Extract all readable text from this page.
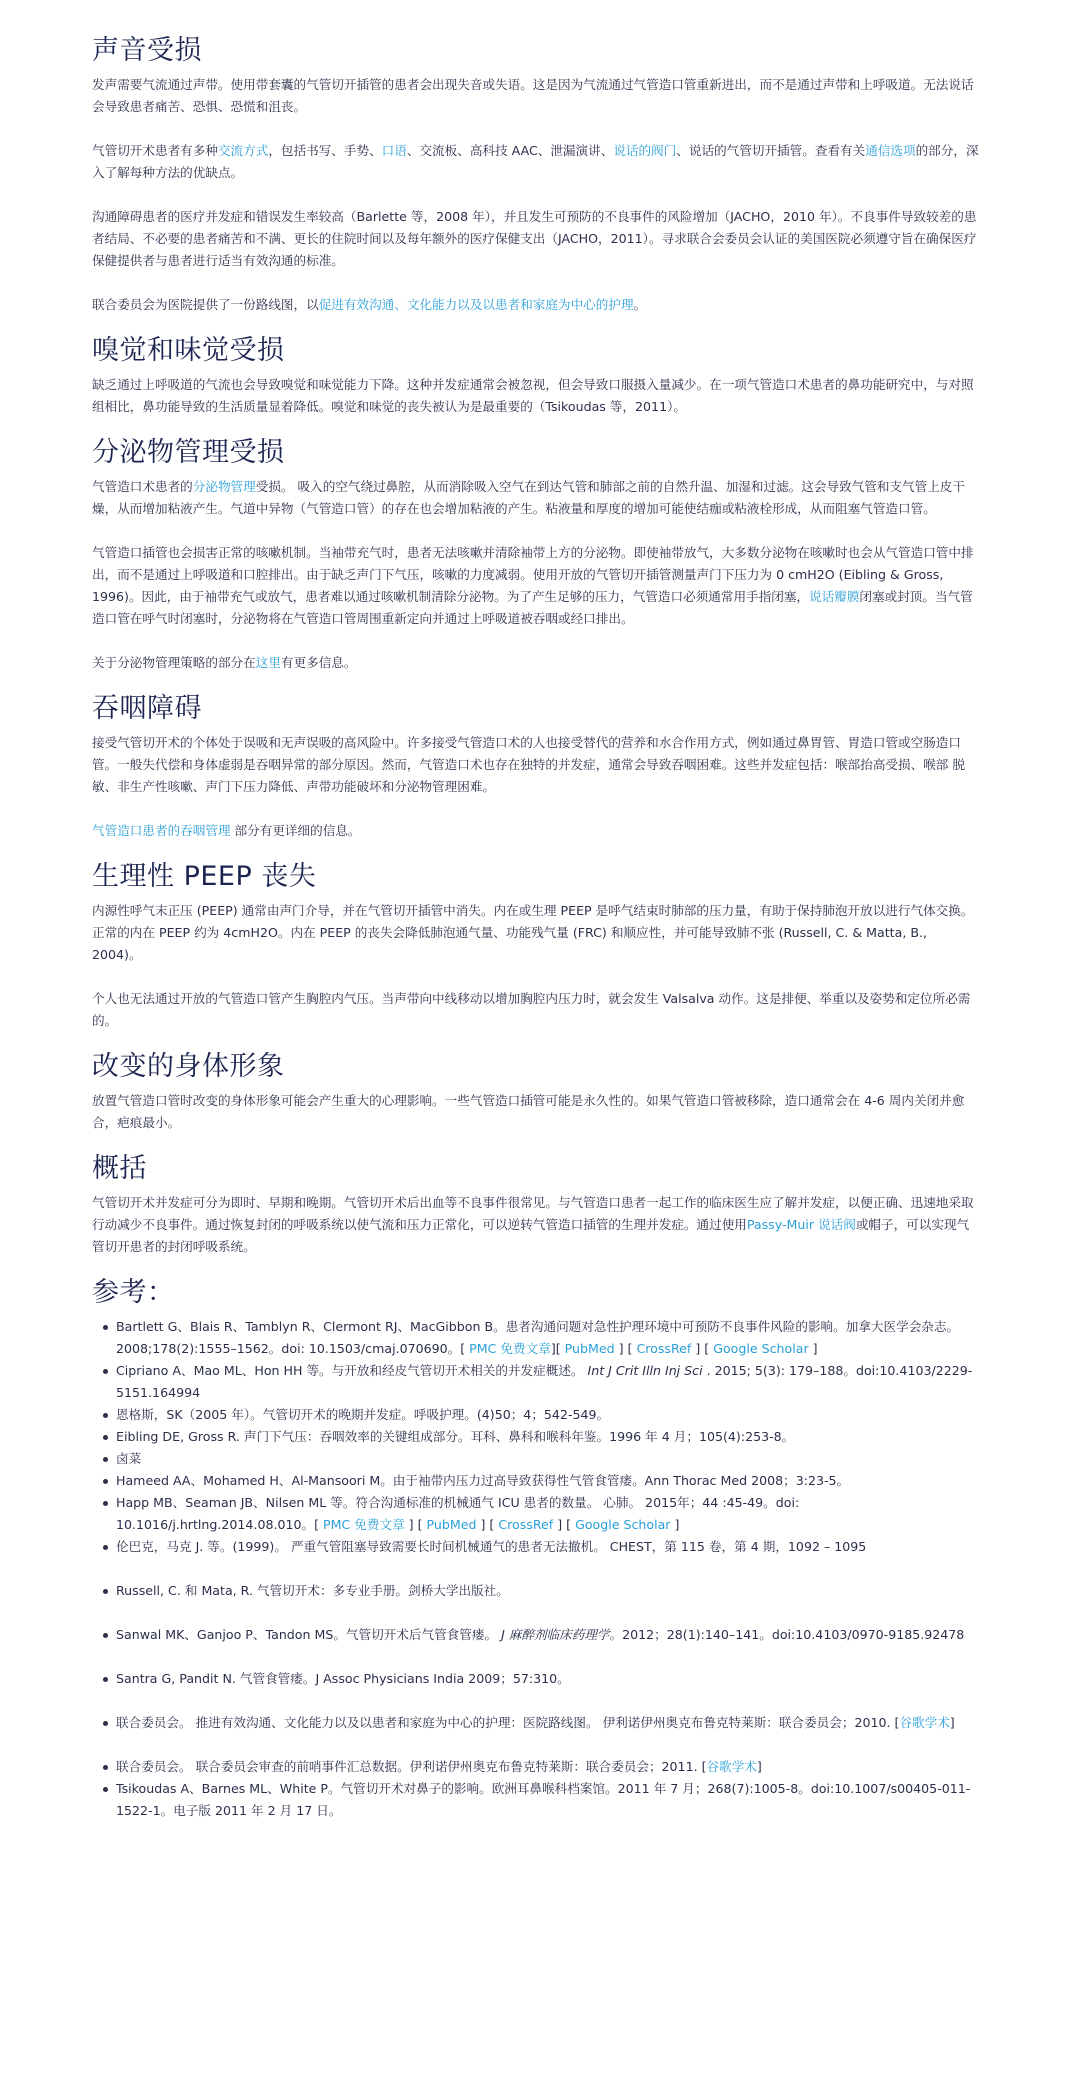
声音受损

发声需要气流通过声带。使用带套囊的气管切开插管的患者会出现失音或失语。这是因为气流通过气管造口管重新进出，而不是通过声带和上呼吸道。无法说话会导致患者痛苦、恐惧、恐慌和沮丧。

气管切开术患者有多种交流方式，包括书写、手势、口语、交流板、高科技 AAC、泄漏演讲、说话的阀门、说话的气管切开插管。查看有关通信选项的部分，深入了解每种方法的优缺点。

沟通障碍患者的医疗并发症和错误发生率较高（Barlette 等，2008 年），并且发生可预防的不良事件的风险增加（JACHO，2010 年）。不良事件导致较差的患者结局、不必要的患者痛苦和不满、更长的住院时间以及每年额外的医疗保健支出（JACHO，2011）。寻求联合会委员会认证的美国医院必须遵守旨在确保医疗保健提供者与患者进行适当有效沟通的标准。

联合委员会为医院提供了一份路线图，以促进有效沟通、文化能力以及以患者和家庭为中心的护理。

嗅觉和味觉受损

缺乏通过上呼吸道的气流也会导致嗅觉和味觉能力下降。这种并发症通常会被忽视，但会导致口服摄入量减少。在一项气管造口术患者的鼻功能研究中，与对照组相比，鼻功能导致的生活质量显着降低。嗅觉和味觉的丧失被认为是最重要的（Tsikoudas 等，2011）。

分泌物管理受损

气管造口术患者的分泌物管理受损。 吸入的空气绕过鼻腔，从而消除吸入空气在到达气管和肺部之前的自然升温、加湿和过滤。这会导致气管和支气管上皮干燥，从而增加粘液产生。气道中异物（气管造口管）的存在也会增加粘液的产生。粘液量和厚度的增加可能使结痂或粘液栓形成，从而阻塞气管造口管。

气管造口插管也会损害正常的咳嗽机制。当袖带充气时，患者无法咳嗽并清除袖带上方的分泌物。即使袖带放气，大多数分泌物在咳嗽时也会从气管造口管中排出，而不是通过上呼吸道和口腔排出。由于缺乏声门下气压，咳嗽的力度减弱。使用开放的气管切开插管测量声门下压力为 0 cmH2O (Eibling & Gross, 1996)。因此，由于袖带充气或放气，患者难以通过咳嗽机制清除分泌物。为了产生足够的压力，气管造口必须通常用手指闭塞，说话瓣膜闭塞或封顶。当气管造口管在呼气时闭塞时，分泌物将在气管造口管周围重新定向并通过上呼吸道被吞咽或经口排出。

关于分泌物管理策略的部分在这里有更多信息。

吞咽障碍

接受气管切开术的个体处于误吸和无声误吸的高风险中。许多接受气管造口术的人也接受替代的营养和水合作用方式，例如通过鼻胃管、胃造口管或空肠造口管。一般失代偿和身体虚弱是吞咽异常的部分原因。然而，气管造口术也存在独特的并发症，通常会导致吞咽困难。这些并发症包括：喉部抬高受损、喉部 脱敏、非生产性咳嗽、声门下压力降低、声带功能破坏和分泌物管理困难。

气管造口患者的吞咽管理 部分有更详细的信息。

生理性 PEEP 丧失

内源性呼气末正压 (PEEP) 通常由声门介导，并在气管切开插管中消失。内在或生理 PEEP 是呼气结束时肺部的压力量，有助于保持肺泡开放以进行气体交换。正常的内在 PEEP 约为 4cmH2O。内在 PEEP 的丧失会降低肺泡通气量、功能残气量 (FRC) 和顺应性，并可能导致肺不张 (Russell, C. & Matta, B., 2004)。

个人也无法通过开放的气管造口管产生胸腔内气压。当声带向中线移动以增加胸腔内压力时，就会发生 Valsalva 动作。这是排便、举重以及姿势和定位所必需的。

改变的身体形象

放置气管造口管时改变的身体形象可能会产生重大的心理影响。一些气管造口插管可能是永久性的。如果气管造口管被移除，造口通常会在 4-6 周内关闭并愈合，疤痕最小。

概括

气管切开术并发症可分为即时、早期和晚期。气管切开术后出血等不良事件很常见。与气管造口患者一起工作的临床医生应了解并发症，以便正确、迅速地采取行动减少不良事件。通过恢复封闭的呼吸系统以使气流和压力正常化，可以逆转气管造口插管的生理并发症。通过使用Passy-Muir 说话阀或帽子，可以实现气管切开患者的封闭呼吸系统。

参考：
Bartlett G、Blais R、Tamblyn R、Clermont RJ、MacGibbon B。患者沟通问题对急性护理环境中可预防不良事件风险的影响。加拿大医学会杂志。2008;178(2):1555–1562。doi: 10.1503/cmaj.070690。[ PMC 免费文章][ PubMed ] [ CrossRef ] [ Google Scholar ]
Cipriano A、Mao ML、Hon HH 等。与开放和经皮气管切开术相关的并发症概述。 Int J Crit Illn Inj Sci . 2015; 5(3): 179–188。doi:10.4103/2229-5151.164994
恩格斯，SK（2005 年）。气管切开术的晚期并发症。呼吸护理。(4)50；4；542-549。
Eibling DE, Gross R. 声门下气压：吞咽效率的关键组成部分。耳科、鼻科和喉科年鉴。1996 年 4 月；105(4):253-8。
卤菜
Hameed AA、Mohamed H、Al-Mansoori M。由于袖带内压力过高导致获得性气管食管瘘。Ann Thorac Med 2008；3:23-5。
Happ MB、Seaman JB、Nilsen ML 等。符合沟通标准的机械通气 ICU 患者的数量。 心肺。 2015年；44 :45-49。doi: 10.1016/j.hrtlng.2014.08.010。[ PMC 免费文章 ] [ PubMed ] [ CrossRef ] [ Google Scholar ]
伦巴克，马克 J. 等。(1999)。 严重气管阻塞导致需要长时间机械通气的患者无法撤机。 CHEST，第 115 卷，第 4 期，1092 – 1095
Russell, C. 和 Mata, R. 气管切开术：多专业手册。剑桥大学出版社。
Sanwal MK、Ganjoo P、Tandon MS。气管切开术后气管食管瘘。 J 麻醉剂临床药理学。2012；28(1):140–141。doi:10.4103/0970-9185.92478
Santra G, Pandit N. 气管食管瘘。J Assoc Physicians India 2009；57:310。
联合委员会。 推进有效沟通、文化能力以及以患者和家庭为中心的护理：医院路线图。 伊利诺伊州奥克布鲁克特莱斯：联合委员会；2010. [谷歌学术]
联合委员会。 联合委员会审查的前哨事件汇总数据。伊利诺伊州奥克布鲁克特莱斯：联合委员会；2011. [谷歌学术]
Tsikoudas A、Barnes ML、White P。气管切开术对鼻子的影响。欧洲耳鼻喉科档案馆。2011 年 7 月；268(7):1005-8。doi:10.1007/s00405-011-1522-1。电子版 2011 年 2 月 17 日。
